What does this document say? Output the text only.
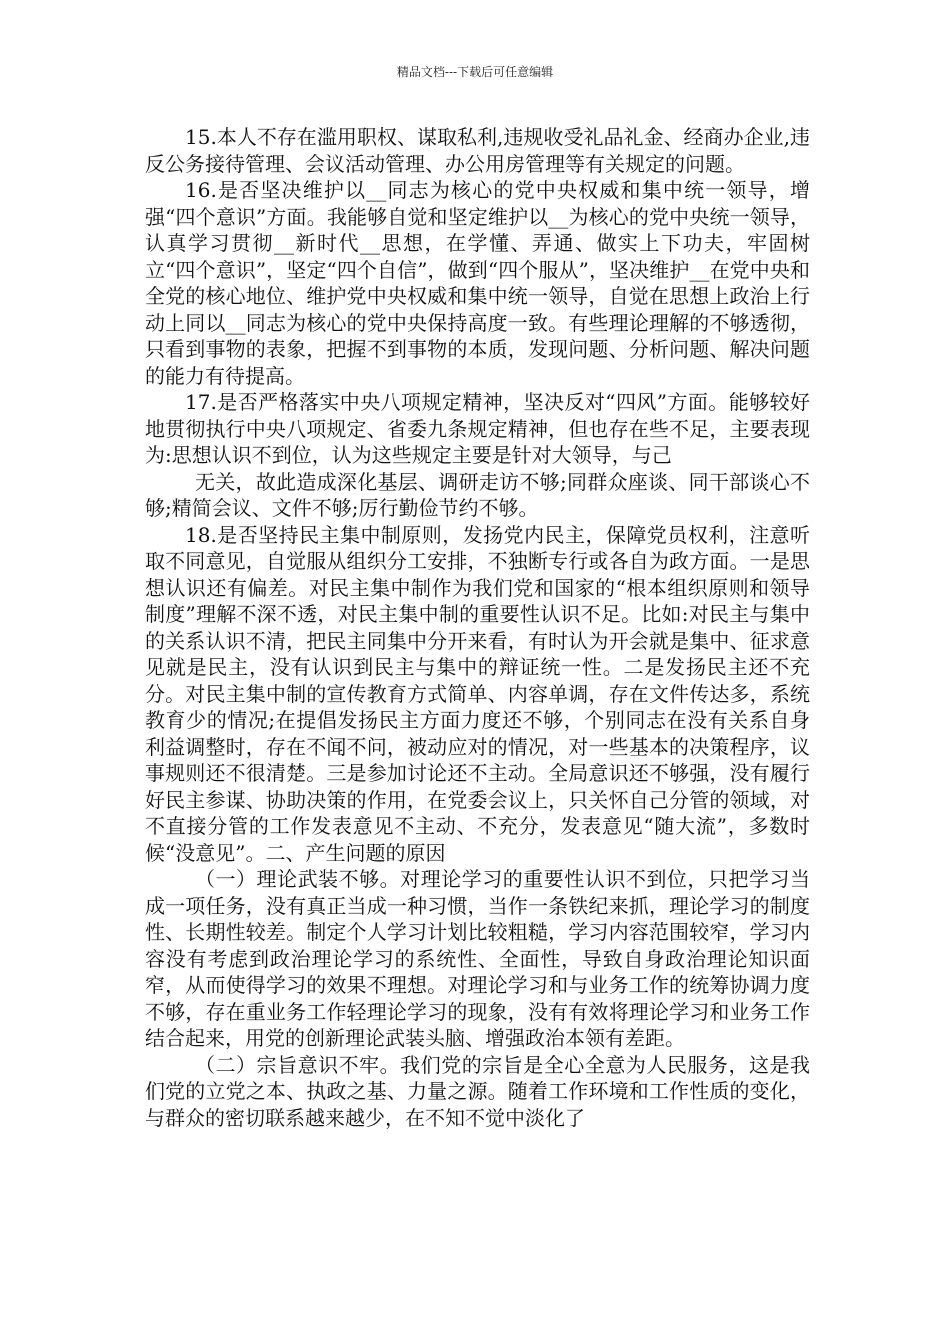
精品文档---下载后可任意编辑

15.本人不存在滥用职权、谋取私利,违规收受礼品礼金、经商办企业,违反公务接待管理、会议活动管理、办公用房管理等有关规定的问题。

16.是否坚决维护以__同志为核心的党中央权威和集中统一领导，增强“四个意识”方面。我能够自觉和坚定维护以__为核心的党中央统一领导，认真学习贯彻__新时代__思想，在学懂、弄通、做实上下功夫，牢固树立“四个意识”，坚定“四个自信”，做到“四个服从”，坚决维护__在党中央和全党的核心地位、维护党中央权威和集中统一领导，自觉在思想上政治上行动上同以__同志为核心的党中央保持高度一致。有些理论理解的不够透彻，只看到事物的表象，把握不到事物的本质，发现问题、分析问题、解决问题的能力有待提高。

17.是否严格落实中央八项规定精神，坚决反对“四风”方面。能够较好地贯彻执行中央八项规定、省委九条规定精神，但也存在些不足，主要表现为:思想认识不到位，认为这些规定主要是针对大领导，与己

无关，故此造成深化基层、调研走访不够;同群众座谈、同干部谈心不够;精简会议、文件不够;厉行勤俭节约不够。

18.是否坚持民主集中制原则，发扬党内民主，保障党员权利，注意听取不同意见，自觉服从组织分工安排，不独断专行或各自为政方面。一是思想认识还有偏差。对民主集中制作为我们党和国家的“根本组织原则和领导制度”理解不深不透，对民主集中制的重要性认识不足。比如:对民主与集中的关系认识不清，把民主同集中分开来看，有时认为开会就是集中、征求意见就是民主，没有认识到民主与集中的辩证统一性。二是发扬民主还不充分。对民主集中制的宣传教育方式简单、内容单调，存在文件传达多，系统教育少的情况;在提倡发扬民主方面力度还不够，个别同志在没有关系自身利益调整时，存在不闻不问，被动应对的情况，对一些基本的决策程序，议事规则还不很清楚。三是参加讨论还不主动。全局意识还不够强，没有履行好民主参谋、协助决策的作用，在党委会议上，只关怀自己分管的领域，对不直接分管的工作发表意见不主动、不充分，发表意见“随大流”，多数时候“没意见”。二、产生问题的原因

（一）理论武装不够。对理论学习的重要性认识不到位，只把学习当成一项任务，没有真正当成一种习惯，当作一条铁纪来抓，理论学习的制度性、长期性较差。制定个人学习计划比较粗糙，学习内容范围较窄，学习内容没有考虑到政治理论学习的系统性、全面性，导致自身政治理论知识面窄，从而使得学习的效果不理想。对理论学习和与业务工作的统筹协调力度不够，存在重业务工作轻理论学习的现象，没有有效将理论学习和业务工作结合起来，用党的创新理论武装头脑、增强政治本领有差距。

（二）宗旨意识不牢。我们党的宗旨是全心全意为人民服务，这是我们党的立党之本、执政之基、力量之源。随着工作环境和工作性质的变化，与群众的密切联系越来越少，在不知不觉中淡化了
